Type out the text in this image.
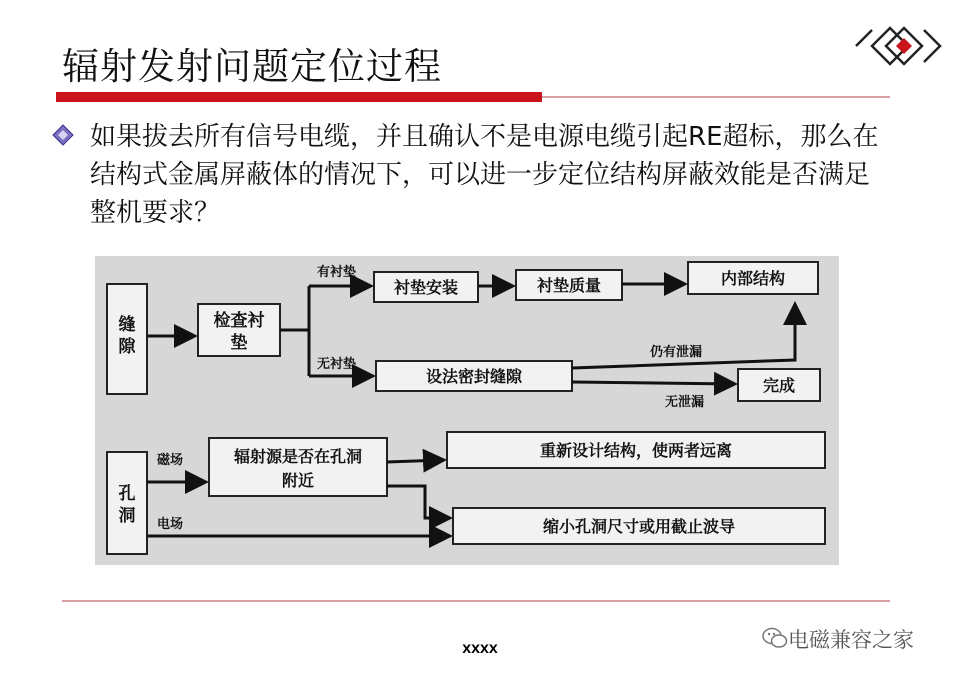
辐射发射问题定位过程
如果拔去所有信号电缆，并且确认不是电源电缆引起RE超标，那么在结构式金属屏蔽体的情况下，可以进一步定位结构屏蔽效能是否满足整机要求？
缝
隙
检查衬
垫
衬垫安装	衬垫质量	内部结构
设法密封缝隙	完成
孔
洞
辐射源是否在孔洞
附近
重新设计结构，使两者远离
缩小孔洞尺寸或用截止波导
有衬垫
无衬垫
仍有泄漏
无泄漏
磁场
电场
xxxx	电磁兼容之家
